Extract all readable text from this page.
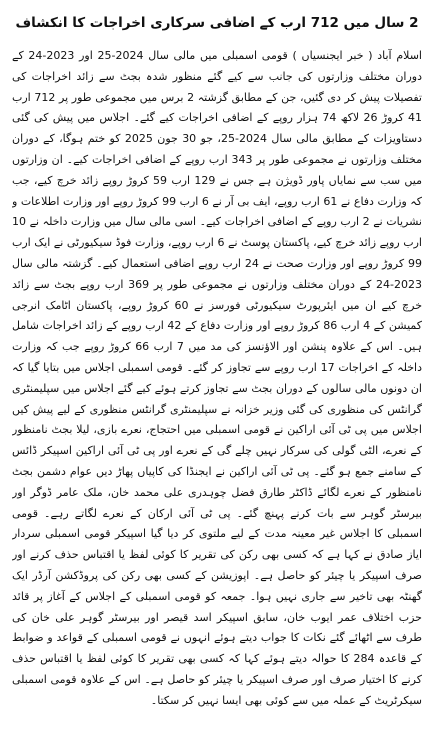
2 سال میں 712 ارب کے اضافی سرکاری اخراجات کا انکشاف

اسلام آباد ( خبر ایجنسیاں ) قومی اسمبلی میں مالی سال 2024-25 اور 2023-24 کے دوران مختلف وزارتوں کی جانب سے کیے گئے منظور شدہ بجٹ سے زائد اخراجات کی تفصیلات پیش کر دی گئیں، جن کے مطابق گزشتہ 2 برس میں مجموعی طور پر 712 ارب 41 کروڑ 26 لاکھ 74 ہزار روپے کے اضافی اخراجات کیے گئے۔ اجلاس میں پیش کی گئی دستاویزات کے مطابق مالی سال 2024-25، جو 30 جون 2025 کو ختم ہوگا، کے دوران مختلف وزارتوں نے مجموعی طور پر 343 ارب روپے کے اضافی اخراجات کیے۔ ان وزارتوں میں سب سے نمایاں پاور ڈویژن ہے جس نے 129 ارب 59 کروڑ روپے زائد خرچ کیے، جب کہ وزارت دفاع نے 61 ارب روپے، ایف بی آر نے 6 ارب 99 کروڑ روپے اور وزارت اطلاعات و نشریات نے 2 ارب روپے کے اضافی اخراجات کیے۔ اسی مالی سال میں وزارت داخلہ نے 10 ارب روپے زائد خرچ کیے، پاکستان پوسٹ نے 6 ارب روپے، وزارت فوڈ سیکیورٹی نے ایک ارب 99 کروڑ روپے اور وزارت صحت نے 24 ارب روپے اضافی استعمال کیے۔ گزشتہ مالی سال 2023-24 کے دوران مختلف وزارتوں نے مجموعی طور پر 369 ارب روپے بجٹ سے زائد خرچ کیے ان میں ایئرپورٹ سیکیورٹی فورسز نے 60 کروڑ روپے، پاکستان اٹامک انرجی کمیشن کے 4 ارب 86 کروڑ روپے اور وزارت دفاع کے 42 ارب روپے کے زائد اخراجات شامل ہیں۔ اس کے علاوہ پنشن اور الاؤنسز کی مد میں 7 ارب 66 کروڑ روپے جب کہ وزارت داخلہ کے اخراجات 17 ارب روپے سے تجاوز کر گئے۔ قومی اسمبلی اجلاس میں بتایا گیا کہ ان دونوں مالی سالوں کے دوران بجٹ سے تجاوز کرتے ہوئے کیے گئے اجلاس میں سپلیمنٹری گرانٹس کی منظوری کی گئی وزیر خزانہ نے سپلیمنٹری گرانٹس منظوری کے لیے پیش کیں اجلاس میں پی ٹی آئی اراکین نے قومی اسمبلی میں احتجاج، نعرے بازی، لیلا بجٹ نامنظور کے نعرے، الٹی گولی کی سرکار نہیں چلے گی کے نعرے اور پی ٹی آئی اراکین اسپیکر ڈائس کے سامنے جمع ہو گئے۔ پی ٹی آئی اراکین نے ایجنڈا کی کاپیاں پھاڑ دیں عوام دشمن بجٹ نامنظور کے نعرے لگائے ڈاکٹر طارق فضل چوہدری علی محمد خان، ملک عامر ڈوگر اور بیرسٹر گوہر سے بات کرنے پہنچ گئے۔ پی ٹی آئی ارکان کے نعرے لگاتے رہے۔ قومی اسمبلی کا اجلاس غیر معینہ مدت کے لیے ملتوی کر دیا گیا اسپیکر قومی اسمبلی سردار ایاز صادق نے کہا ہے کہ کسی بھی رکن کی تقریر کا کوئی لفظ یا اقتباس حذف کرنے اور صرف اسپیکر یا چیئر کو حاصل ہے۔ اپوزیشن کے کسی بھی رکن کی پروڈکشن آرڈر ایک گھنٹہ بھی تاخیر سے جاری نہیں ہوا۔ جمعہ کو قومی اسمبلی کے اجلاس کے آغاز پر قائد حزب اختلاف عمر ایوب خان، سابق اسپیکر اسد قیصر اور بیرسٹر گوہر علی خان کی طرف سے اٹھائے گئے نکات کا جواب دیتے ہوئے انہوں نے قومی اسمبلی کے قواعد و ضوابط کے قاعدہ 284 کا حوالہ دیتے ہوئے کہا کہ کسی بھی تقریر کا کوئی لفظ یا اقتباس حذف کرنے کا اختیار صرف اور صرف اسپیکر یا چیئر کو حاصل ہے۔ اس کے علاوہ قومی اسمبلی سیکرٹریٹ کے عملہ میں سے کوئی بھی ایسا نہیں کر سکتا۔
